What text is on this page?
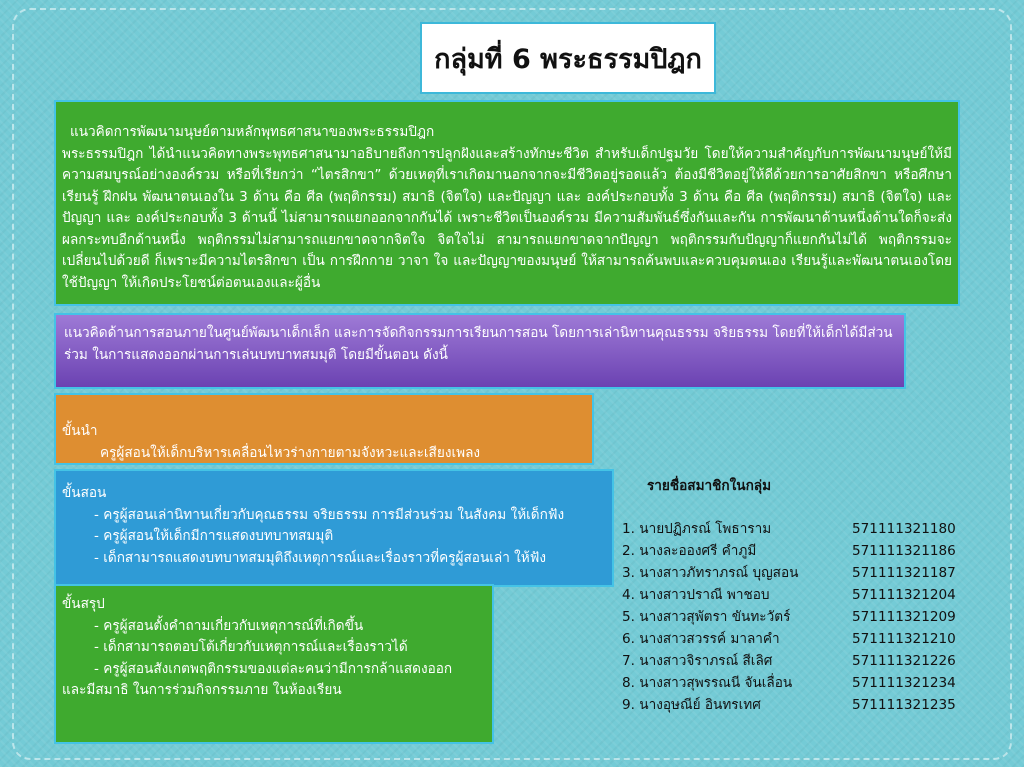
กลุ่มที่ 6 พระธรรมปิฎก

แนวคิดการพัฒนามนุษย์ตามหลักพุทธศาสนาของพระธรรมปิฎก

พระธรรมปิฎก ได้นำแนวคิดทางพระพุทธศาสนามาอธิบายถึงการปลูกฝังและสร้างทักษะชีวิต สำหรับเด็กปฐมวัย โดยให้ความสำคัญกับการพัฒนามนุษย์ให้มีความสมบูรณ์อย่างองค์รวม หรือที่เรียกว่า “ไตรสิกขา” ด้วยเหตุที่เราเกิดมานอกจากจะมีชีวิตอยู่รอดแล้ว ต้องมีชีวิตอยู่ให้ดีด้วยการอาศัยสิกขา หรือศึกษา เรียนรู้ ฝึกฝน พัฒนาตนเองใน 3 ด้าน คือ ศีล (พฤติกรรม) สมาธิ (จิตใจ) และปัญญา และ องค์ประกอบทั้ง 3 ด้าน คือ ศีล (พฤติกรรม) สมาธิ (จิตใจ) และปัญญา และ องค์ประกอบทั้ง 3 ด้านนี้ ไม่สามารถแยกออกจากกันได้ เพราะชีวิตเป็นองค์รวม มีความสัมพันธ์ซึ่งกันและกัน การพัฒนาด้านหนึ่งด้านใดก็จะส่งผลกระทบอีกด้านหนึ่ง พฤติกรรมไม่สามารถแยกขาดจากจิตใจ จิตใจไม่ สามารถแยกขาดจากปัญญา พฤติกรรมกับปัญญาก็แยกกันไม่ได้ พฤติกรรมจะเปลี่ยนไปด้วยดี ก็เพราะมีความไตรสิกขา เป็น การฝึกกาย วาจา ใจ และปัญญาของมนุษย์ ให้สามารถค้นพบและควบคุมตนเอง เรียนรู้และพัฒนาตนเองโดยใช้ปัญญา ให้เกิดประโยชน์ต่อตนเองและผู้อื่น

แนวคิดด้านการสอนภายในศูนย์พัฒนาเด็กเล็ก และการจัดกิจกรรมการเรียนการสอน โดยการเล่านิทานคุณธรรม จริยธรรม โดยที่ให้เด็กได้มีส่วนร่วม ในการแสดงออกผ่านการเล่นบทบาทสมมุติ โดยมีขั้นตอน ดังนี้

ขั้นนำ

ครูผู้สอนให้เด็กบริหารเคลื่อนไหวร่างกายตามจังหวะและเสียงเพลง

ขั้นสอน

- ครูผู้สอนเล่านิทานเกี่ยวกับคุณธรรม จริยธรรม การมีส่วนร่วม ในสังคม ให้เด็กฟัง

- ครูผู้สอนให้เด็กมีการแสดงบทบาทสมมุติ

- เด็กสามารถแสดงบทบาทสมมุติถึงเหตุการณ์และเรื่องราวที่ครูผู้สอนเล่า ให้ฟัง

ขั้นสรุป

- ครูผู้สอนตั้งคำถามเกี่ยวกับเหตุการณ์ที่เกิดขึ้น

- เด็กสามารถตอบโต้เกี่ยวกับเหตุการณ์และเรื่องราวได้

- ครูผู้สอนสังเกตพฤติกรรมของแต่ละคนว่ามีการกล้าแสดงออก

และมีสมาธิ ในการร่วมกิจกรรมภาย ในห้องเรียน

รายชื่อสมาชิกในกลุ่ม
1. นายปฏิภรณ์ โพธาราม	571111321180
2. นางละอองศรี คำภูมี	571111321186
3. นางสาวภัทราภรณ์ บุญสอน	571111321187
4. นางสาวปราณี พาชอบ	571111321204
5. นางสาวสุพัตรา ขันทะวัตร์	571111321209
6. นางสาวสวรรค์ มาลาคำ	571111321210
7. นางสาวจิราภรณ์ สีเลิศ	571111321226
8. นางสาวสุพรรณนี จันเลื่อน	571111321234
9. นางอุษณีย์ อินทรเทศ	571111321235
